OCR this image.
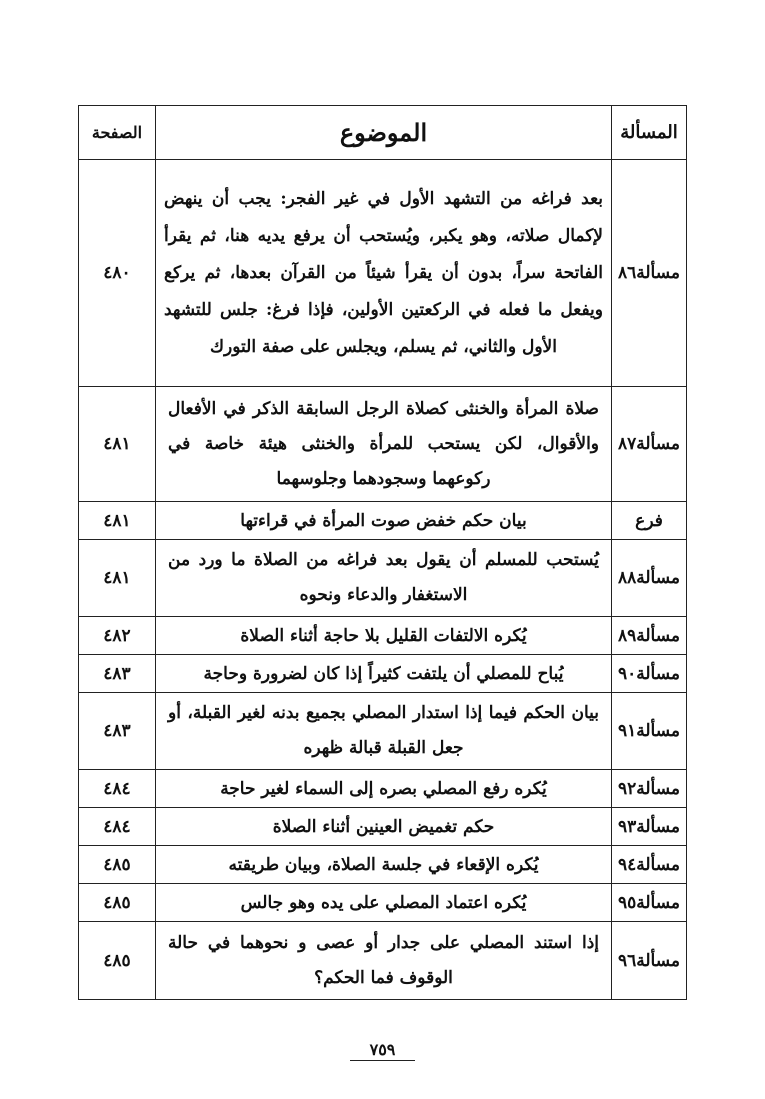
المسألة	الموضوع	الصفحة
مسألة٨٦	بعد فراغه من التشهد الأول في غير الفجر: يجب أن ينهض لإكمال صلاته، وهو يكبر، ويُستحب أن يرفع يديه هنا، ثم يقرأ الفاتحة سراً، بدون أن يقرأ شيئاً من القرآن بعدها، ثم يركع ويفعل ما فعله في الركعتين الأولين، فإذا فرغ: جلس للتشهد الأول والثاني، ثم يسلم، ويجلس على صفة التورك	٤٨٠
مسألة٨٧	صلاة المرأة والخنثى كصلاة الرجل السابقة الذكر في الأفعال والأقوال، لكن يستحب للمرأة والخنثى هيئة خاصة في ركوعهما وسجودهما وجلوسهما	٤٨١
فرع	بيان حكم خفض صوت المرأة في قراءتها	٤٨١
مسألة٨٨	يُستحب للمسلم أن يقول بعد فراغه من الصلاة ما ورد من الاستغفار والدعاء ونحوه	٤٨١
مسألة٨٩	يُكره الالتفات القليل بلا حاجة أثناء الصلاة	٤٨٢
مسألة٩٠	يُباح للمصلي أن يلتفت كثيراً إذا كان لضرورة وحاجة	٤٨٣
مسألة٩١	بيان الحكم فيما إذا استدار المصلي بجميع بدنه لغير القبلة، أو جعل القبلة قبالة ظهره	٤٨٣
مسألة٩٢	يُكره رفع المصلي بصره إلى السماء لغير حاجة	٤٨٤
مسألة٩٣	حكم تغميض العينين أثناء الصلاة	٤٨٤
مسألة٩٤	يُكره الإقعاء في جلسة الصلاة، وبيان طريقته	٤٨٥
مسألة٩٥	يُكره اعتماد المصلي على يده وهو جالس	٤٨٥
مسألة٩٦	إذا استند المصلي على جدار أو عصى و نحوهما في حالة الوقوف فما الحكم؟	٤٨٥
٧٥٩
